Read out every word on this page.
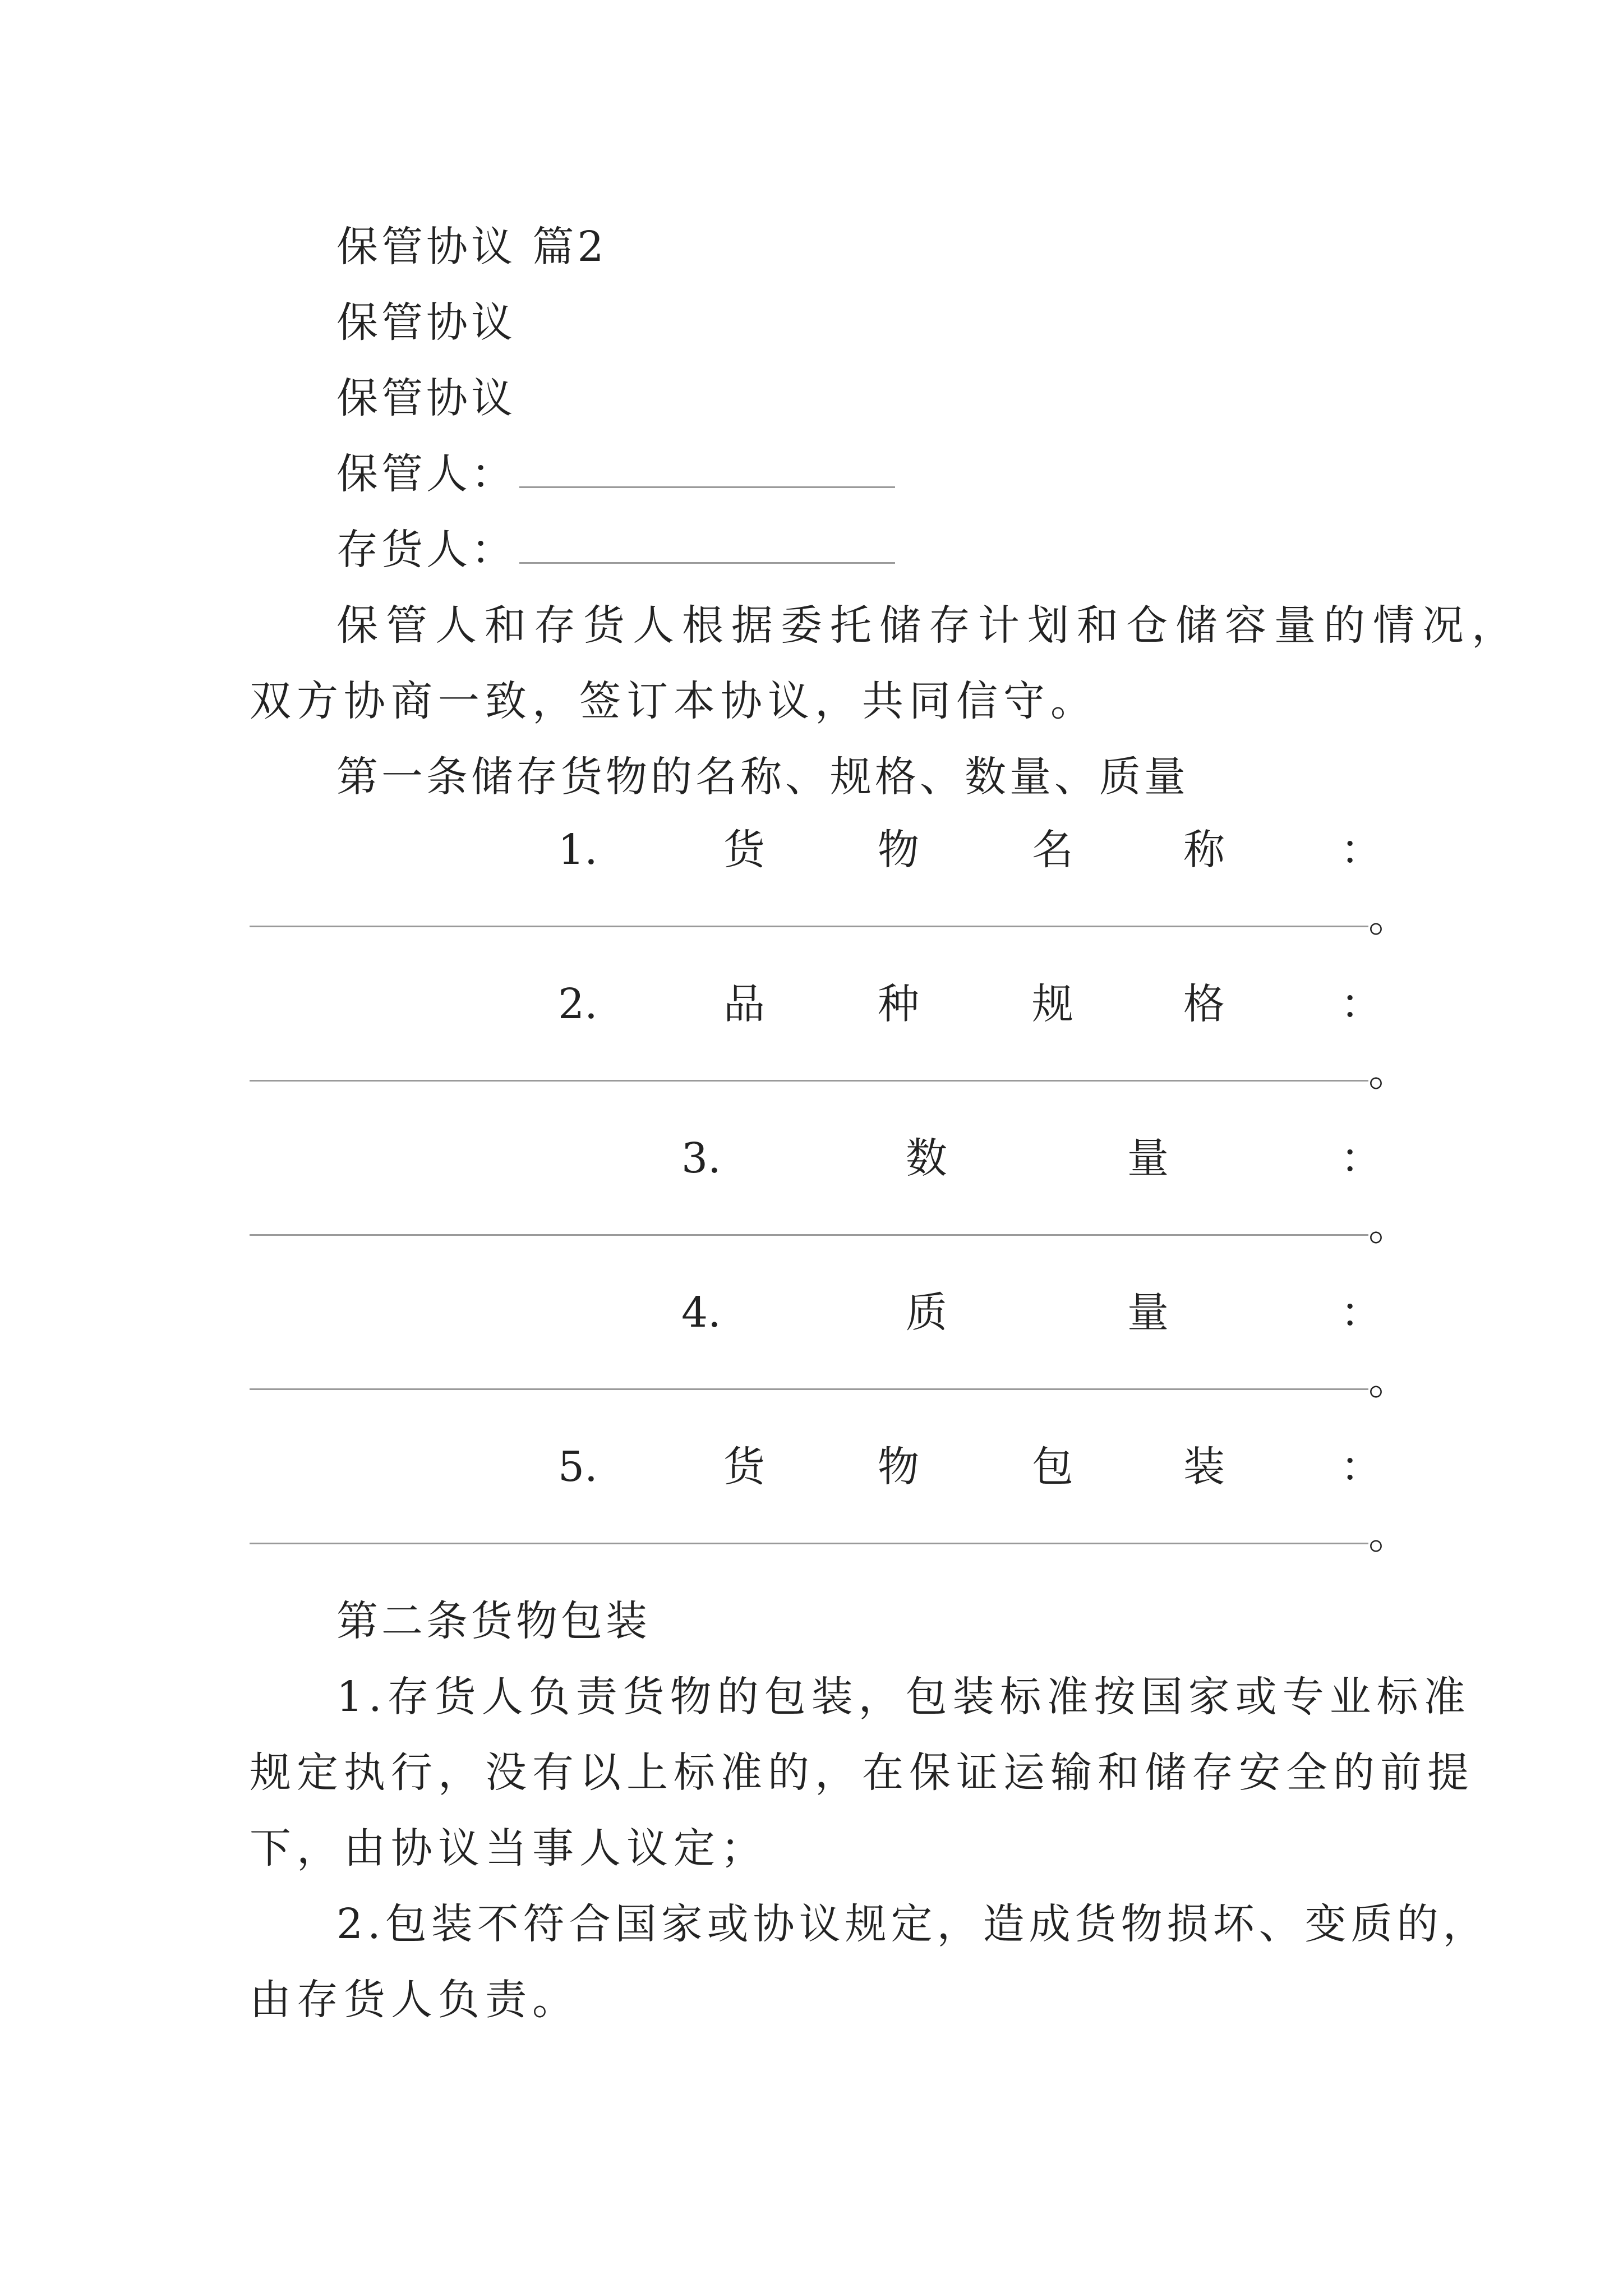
保管协议 篇2
保管协议
保管协议
保管人：
存货人：
保管人和存货人根据委托储存计划和仓储容量的情况，
双方协商一致，签订本协议，共同信守。
第一条储存货物的名称、规格、数量、质量
1.	货	物	名	称	：
。
2.	品	种	规	格	：
。
3.	数	量	：
。
4.	质	量	：
。
5.	货	物	包	装	：
。
第二条货物包装
1.存货人负责货物的包装，包装标准按国家或专业标准
规定执行，没有以上标准的，在保证运输和储存安全的前提
下，由协议当事人议定；
2.包装不符合国家或协议规定，造成货物损坏、变质的，
由存货人负责。
